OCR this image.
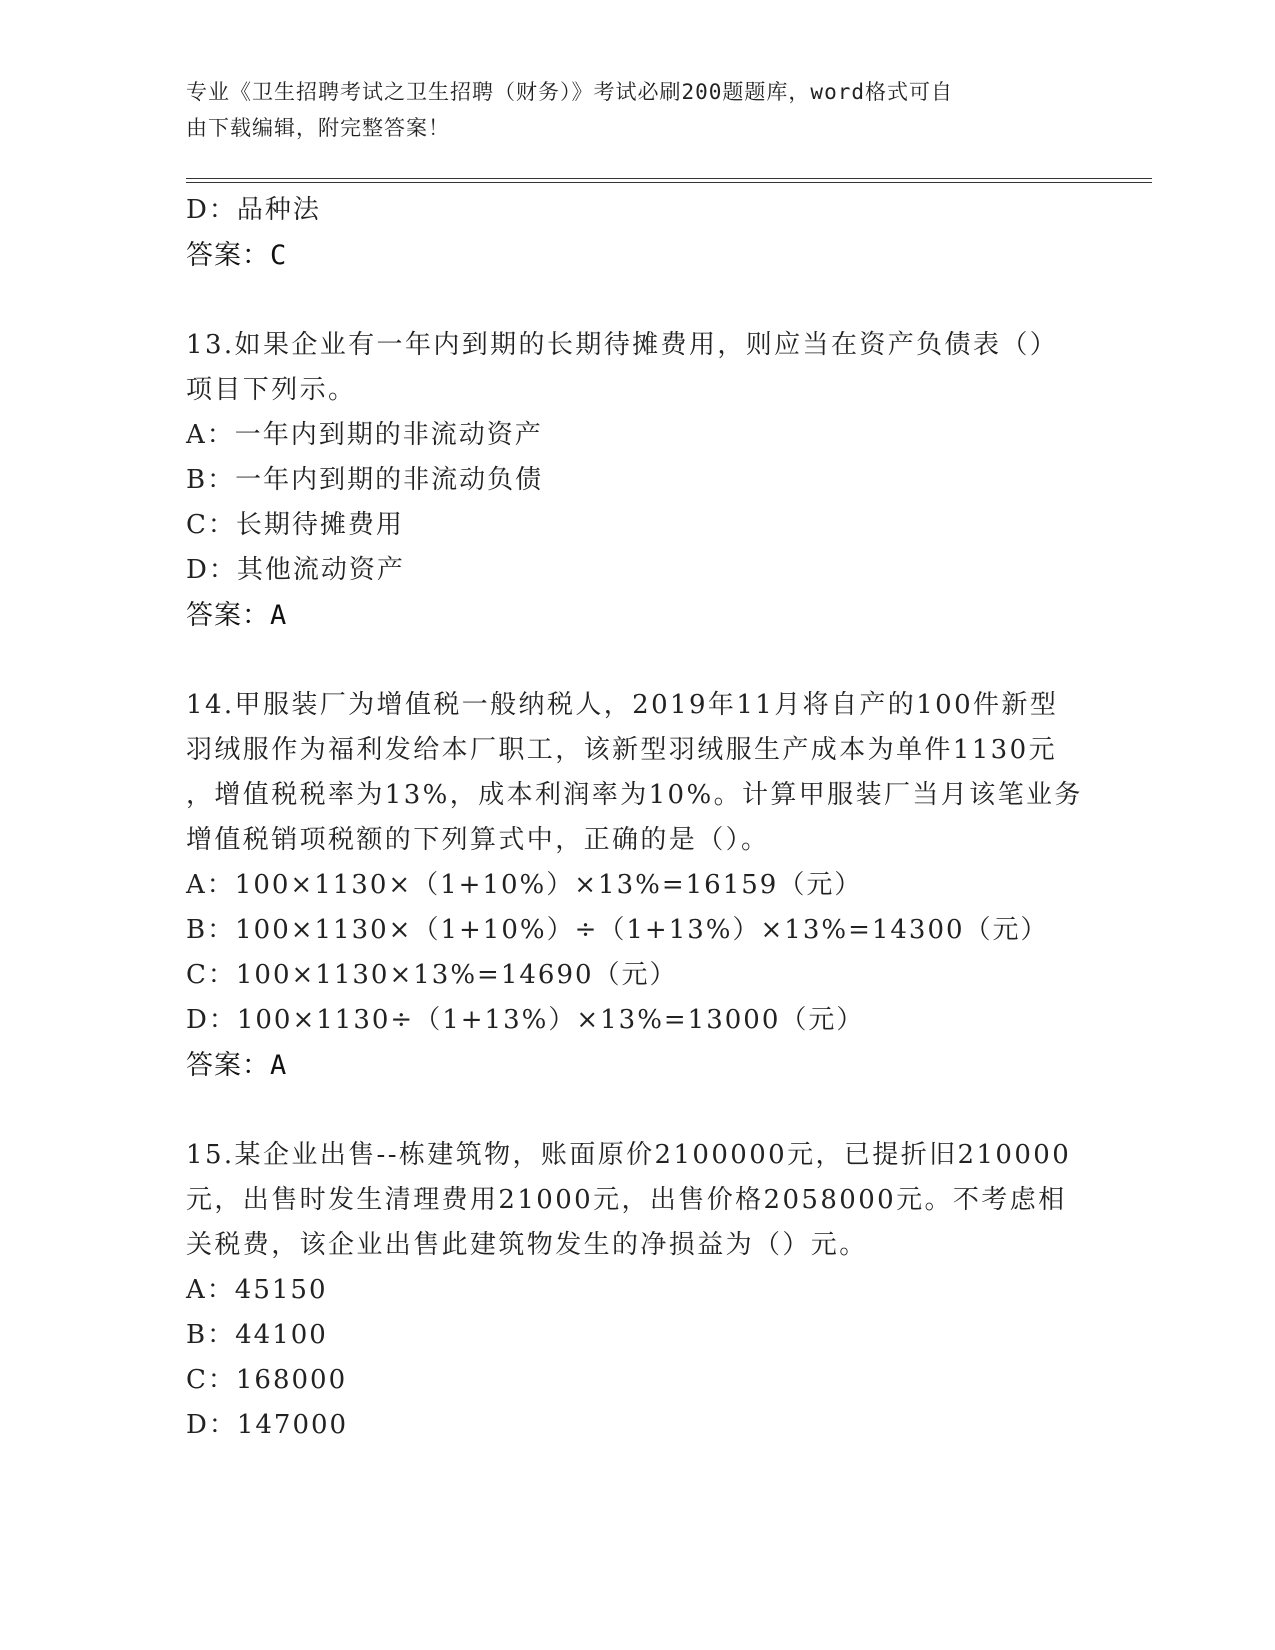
专业《卫生招聘考试之卫生招聘（财务）》考试必刷200题题库，word格式可自
由下载编辑，附完整答案！
D：品种法
答案：C
13.如果企业有一年内到期的长期待摊费用，则应当在资产负债表（）
项目下列示。
A：一年内到期的非流动资产
B：一年内到期的非流动负债
C：长期待摊费用
D：其他流动资产
答案：A
14.甲服装厂为增值税一般纳税人，2019年11月将自产的100件新型
羽绒服作为福利发给本厂职工，该新型羽绒服生产成本为单件1130元
，增值税税率为13%，成本利润率为10%。计算甲服装厂当月该笔业务
增值税销项税额的下列算式中，正确的是（）。
A：100×1130×（1+10%）×13%=16159（元）
B：100×1130×（1+10%）÷（1+13%）×13%=14300（元）
C：100×1130×13%=14690（元）
D：100×1130÷（1+13%）×13%=13000（元）
答案：A
15.某企业出售--栋建筑物，账面原价2100000元，已提折旧210000
元，出售时发生清理费用21000元，出售价格2058000元。不考虑相
关税费，该企业出售此建筑物发生的净损益为（）元。
A：45150
B：44100
C：168000
D：147000
